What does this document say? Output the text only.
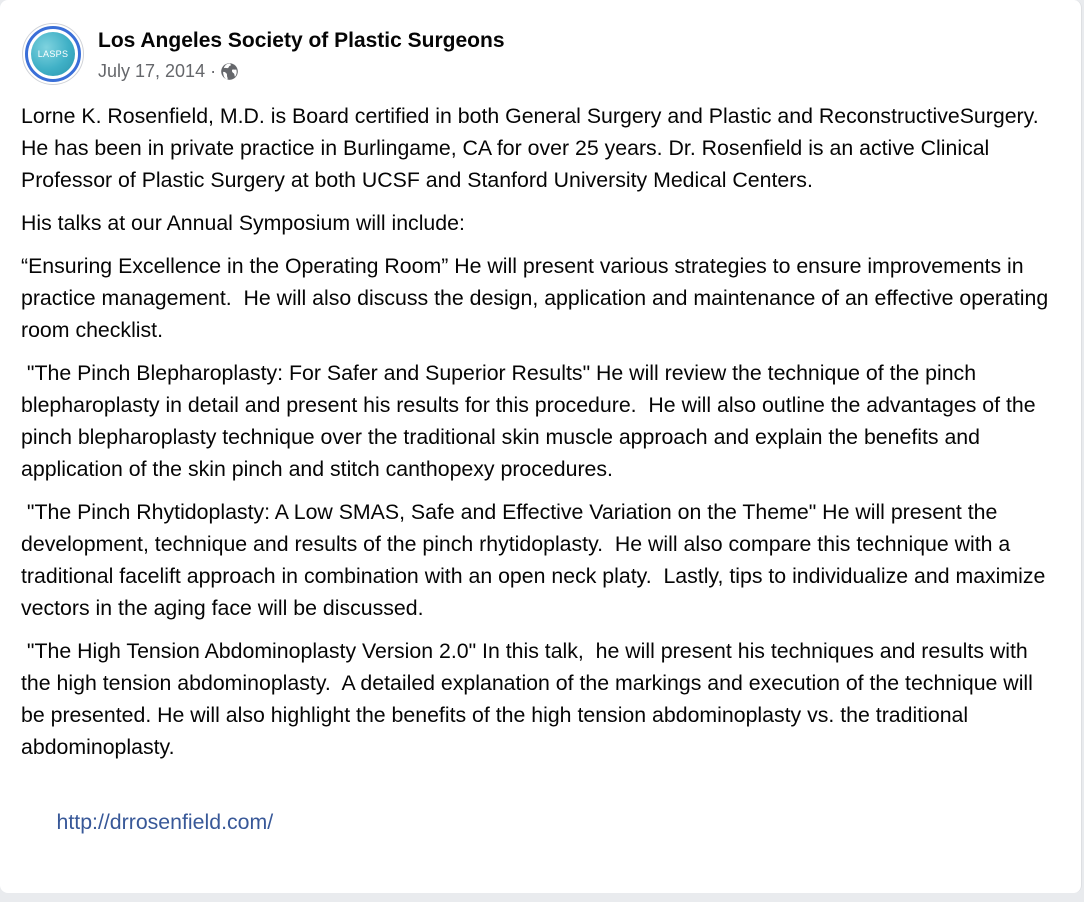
LASPS
Los Angeles Society of Plastic Surgeons
July 17, 2014 ·

Lorne K. Rosenfield, M.D. is Board certified in both General Surgery and Plastic and ReconstructiveSurgery. He has been in private practice in Burlingame, CA for over 25 years. Dr. Rosenfield is an active Clinical Professor of Plastic Surgery at both UCSF and Stanford University Medical Centers.

His talks at our Annual Symposium will include:

“Ensuring Excellence in the Operating Room” He will present various strategies to ensure improvements in practice management.  He will also discuss the design, application and maintenance of an effective operating room checklist.

"The Pinch Blepharoplasty: For Safer and Superior Results" He will review the technique of the pinch blepharoplasty in detail and present his results for this procedure.  He will also outline the advantages of the pinch blepharoplasty technique over the traditional skin muscle approach and explain the benefits and application of the skin pinch and stitch canthopexy procedures.

"The Pinch Rhytidoplasty: A Low SMAS, Safe and Effective Variation on the Theme" He will present the development, technique and results of the pinch rhytidoplasty.  He will also compare this technique with a traditional facelift approach in combination with an open neck platy.  Lastly, tips to individualize and maximize vectors in the aging face will be discussed.

"The High Tension Abdominoplasty Version 2.0" In this talk,  he will present his techniques and results with the high tension abdominoplasty.  A detailed explanation of the markings and execution of the technique will be presented. He will also highlight the benefits of the high tension abdominoplasty vs. the traditional abdominoplasty.

http://drrosenfield.com/
